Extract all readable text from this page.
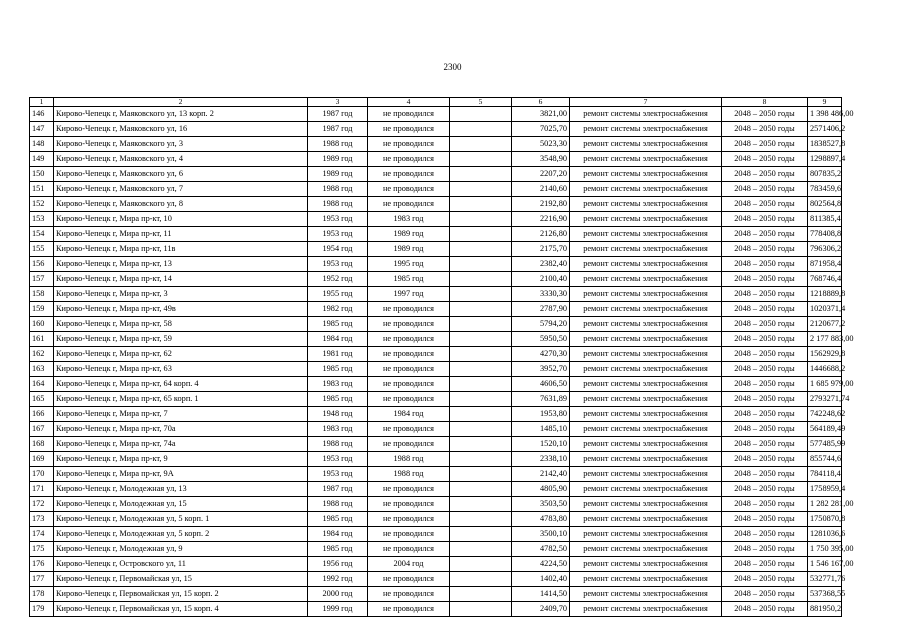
2300
1	2	3	4	5	6	7	8	9
146	Кирово-Чепецк г, Маяковского ул, 13 корп. 2	1987 год	не проводился		3821,00	ремонт системы электроснабжения	2048 – 2050 годы	1 398 486,00
147	Кирово-Чепецк г, Маяковского ул, 16	1987 год	не проводился		7025,70	ремонт системы электроснабжения	2048 – 2050 годы	2571406,2
148	Кирово-Чепецк г, Маяковского ул, 3	1988 год	не проводился		5023,30	ремонт системы электроснабжения	2048 – 2050 годы	1838527,8
149	Кирово-Чепецк г, Маяковского ул, 4	1989 год	не проводился		3548,90	ремонт системы электроснабжения	2048 – 2050 годы	1298897,4
150	Кирово-Чепецк г, Маяковского ул, 6	1989 год	не проводился		2207,20	ремонт системы электроснабжения	2048 – 2050 годы	807835,2
151	Кирово-Чепецк г, Маяковского ул, 7	1988 год	не проводился		2140,60	ремонт системы электроснабжения	2048 – 2050 годы	783459,6
152	Кирово-Чепецк г, Маяковского ул, 8	1988 год	не проводился		2192,80	ремонт системы электроснабжения	2048 – 2050 годы	802564,8
153	Кирово-Чепецк г, Мира пр-кт, 10	1953 год	1983 год		2216,90	ремонт системы электроснабжения	2048 – 2050 годы	811385,4
154	Кирово-Чепецк г, Мира пр-кт, 11	1953 год	1989 год		2126,80	ремонт системы электроснабжения	2048 – 2050 годы	778408,8
155	Кирово-Чепецк г, Мира пр-кт, 11в	1954 год	1989 год		2175,70	ремонт системы электроснабжения	2048 – 2050 годы	796306,2
156	Кирово-Чепецк г, Мира пр-кт, 13	1953 год	1995 год		2382,40	ремонт системы электроснабжения	2048 – 2050 годы	871958,4
157	Кирово-Чепецк г, Мира пр-кт, 14	1952 год	1985 год		2100,40	ремонт системы электроснабжения	2048 – 2050 годы	768746,4
158	Кирово-Чепецк г, Мира пр-кт, 3	1955 год	1997 год		3330,30	ремонт системы электроснабжения	2048 – 2050 годы	1218889,8
159	Кирово-Чепецк г, Мира пр-кт, 49в	1982 год	не проводился		2787,90	ремонт системы электроснабжения	2048 – 2050 годы	1020371,4
160	Кирово-Чепецк г, Мира пр-кт, 58	1985 год	не проводился		5794,20	ремонт системы электроснабжения	2048 – 2050 годы	2120677,2
161	Кирово-Чепецк г, Мира пр-кт, 59	1984 год	не проводился		5950,50	ремонт системы электроснабжения	2048 – 2050 годы	2 177 883,00
162	Кирово-Чепецк г, Мира пр-кт, 62	1981 год	не проводился		4270,30	ремонт системы электроснабжения	2048 – 2050 годы	1562929,8
163	Кирово-Чепецк г, Мира пр-кт, 63	1985 год	не проводился		3952,70	ремонт системы электроснабжения	2048 – 2050 годы	1446688,2
164	Кирово-Чепецк г, Мира пр-кт, 64 корп. 4	1983 год	не проводился		4606,50	ремонт системы электроснабжения	2048 – 2050 годы	1 685 979,00
165	Кирово-Чепецк г, Мира пр-кт, 65 корп. 1	1985 год	не проводился		7631,89	ремонт системы электроснабжения	2048 – 2050 годы	2793271,74
166	Кирово-Чепецк г, Мира пр-кт, 7	1948 год	1984 год		1953,80	ремонт системы электроснабжения	2048 – 2050 годы	742248,62
167	Кирово-Чепецк г, Мира пр-кт, 70а	1983 год	не проводился		1485,10	ремонт системы электроснабжения	2048 – 2050 годы	564189,49
168	Кирово-Чепецк г, Мира пр-кт, 74а	1988 год	не проводился		1520,10	ремонт системы электроснабжения	2048 – 2050 годы	577485,99
169	Кирово-Чепецк г, Мира пр-кт, 9	1953 год	1988 год		2338,10	ремонт системы электроснабжения	2048 – 2050 годы	855744,6
170	Кирово-Чепецк г, Мира пр-кт, 9А	1953 год	1988 год		2142,40	ремонт системы электроснабжения	2048 – 2050 годы	784118,4
171	Кирово-Чепецк г, Молодежная ул, 13	1987 год	не проводился		4805,90	ремонт системы электроснабжения	2048 – 2050 годы	1758959,4
172	Кирово-Чепецк г, Молодежная ул, 15	1988 год	не проводился		3503,50	ремонт системы электроснабжения	2048 – 2050 годы	1 282 281,00
173	Кирово-Чепецк г, Молодежная ул, 5 корп. 1	1985 год	не проводился		4783,80	ремонт системы электроснабжения	2048 – 2050 годы	1750870,8
174	Кирово-Чепецк г, Молодежная ул, 5 корп. 2	1984 год	не проводился		3500,10	ремонт системы электроснабжения	2048 – 2050 годы	1281036,6
175	Кирово-Чепецк г, Молодежная ул, 9	1985 год	не проводился		4782,50	ремонт системы электроснабжения	2048 – 2050 годы	1 750 395,00
176	Кирово-Чепецк г, Островского ул, 11	1956 год	2004 год		4224,50	ремонт системы электроснабжения	2048 – 2050 годы	1 546 167,00
177	Кирово-Чепецк г, Первомайская ул, 15	1992 год	не проводился		1402,40	ремонт системы электроснабжения	2048 – 2050 годы	532771,76
178	Кирово-Чепецк г, Первомайская ул, 15 корп. 2	2000 год	не проводился		1414,50	ремонт системы электроснабжения	2048 – 2050 годы	537368,55
179	Кирово-Чепецк г, Первомайская ул, 15 корп. 4	1999 год	не проводился		2409,70	ремонт системы электроснабжения	2048 – 2050 годы	881950,2
